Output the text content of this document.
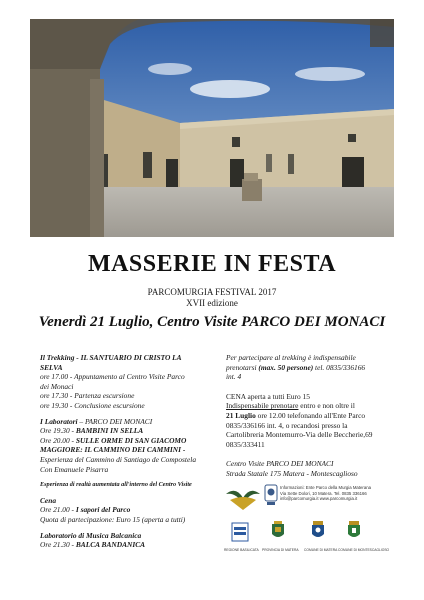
MASSERIE IN FESTA
PARCOMURGIA FESTIVAL 2017
XVII edizione
Venerdì 21 Luglio, Centro Visite PARCO DEI MONACI
Il Trekking - IL SANTUARIO DI CRISTO LA
SELVA
ore 17.00 - Appuntamento al Centro Visite Parco
dei Monaci
ore 17.30 - Partenza escursione
ore 19.30 - Conclusione escursione
I Laboratori – PARCO DEI MONACI
Ore 19.30 - BAMBINI IN SELLA
Ore 20.00 - SULLE ORME DI SAN GIACOMO
MAGGIORE: IL CAMMINO DEI CAMMINI -
Esperienza del Cammino di Santiago de Compostela
Con Emanuele Pisarra
Esperienza di realtà aumentata all'interno del Centro Visite
Cena
Ore 21.00 - I sapori del Parco
Quota di partecipazione: Euro 15 (aperta a tutti)
Laboratorio di Musica Balcanica
Ore 21.30 - BALCA BANDANICA
Per partecipare al trekking è indispensabile
prenotarsi (max. 50 persone) tel. 0835/336166
int. 4
CENA aperta a tutti Euro 15
Indispensabile prenotare entro e non oltre il
21 Luglio ore 12.00 telefonando all'Ente Parco
0835/336166 int. 4, o recandosi presso la
Cartolibreria Montemurro-Via delle Beccherie,69
0835/333411
Centro Visite PARCO DEI MONACI
Strada Statale 175 Matera - Montescaglioso
Informazioni: Ente Parco della Murgia Materana
Via Sette Dolori, 10 Matera. Tel. 0835 336166
info@parcomurgia.it www.parcomurgia.it
REGIONE BASILICATA PROVINCIA DI MATERA COMUNE DI MATERA COMUNE DI MONTESCAGLIOSO
